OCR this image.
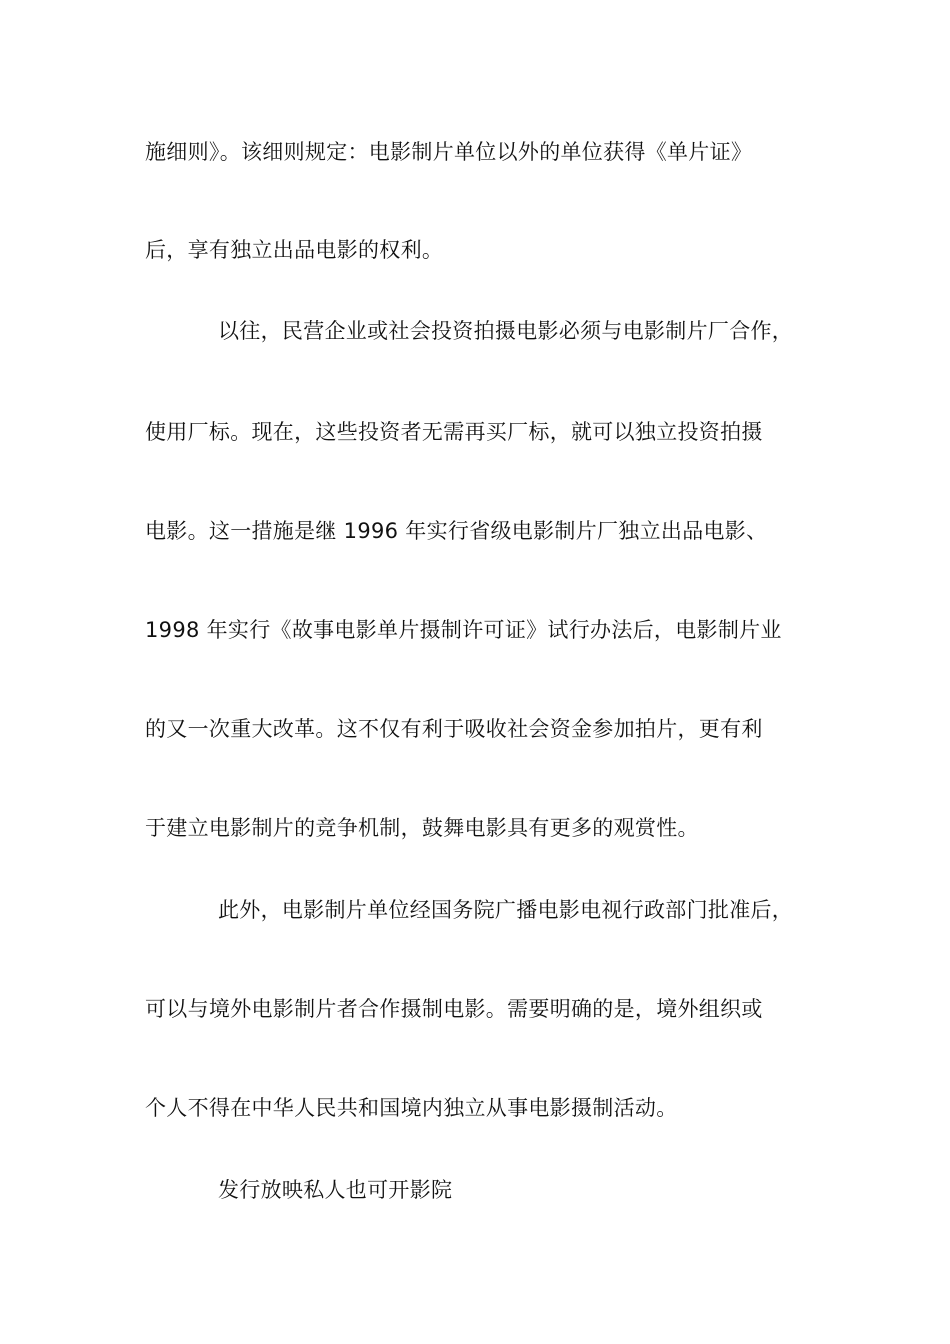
施细则》。该细则规定：电影制片单位以外的单位获得《单片证》
后，享有独立出品电影的权利。
以往，民营企业或社会投资拍摄电影必须与电影制片厂合作，
使用厂标。现在，这些投资者无需再买厂标，就可以独立投资拍摄
电影。这一措施是继 1996 年实行省级电影制片厂独立出品电影、
1998 年实行《故事电影单片摄制许可证》试行办法后，电影制片业
的又一次重大改革。这不仅有利于吸收社会资金参加拍片，更有利
于建立电影制片的竞争机制，鼓舞电影具有更多的观赏性。
此外，电影制片单位经国务院广播电影电视行政部门批准后，
可以与境外电影制片者合作摄制电影。需要明确的是，境外组织或
个人不得在中华人民共和国境内独立从事电影摄制活动。
发行放映私人也可开影院
